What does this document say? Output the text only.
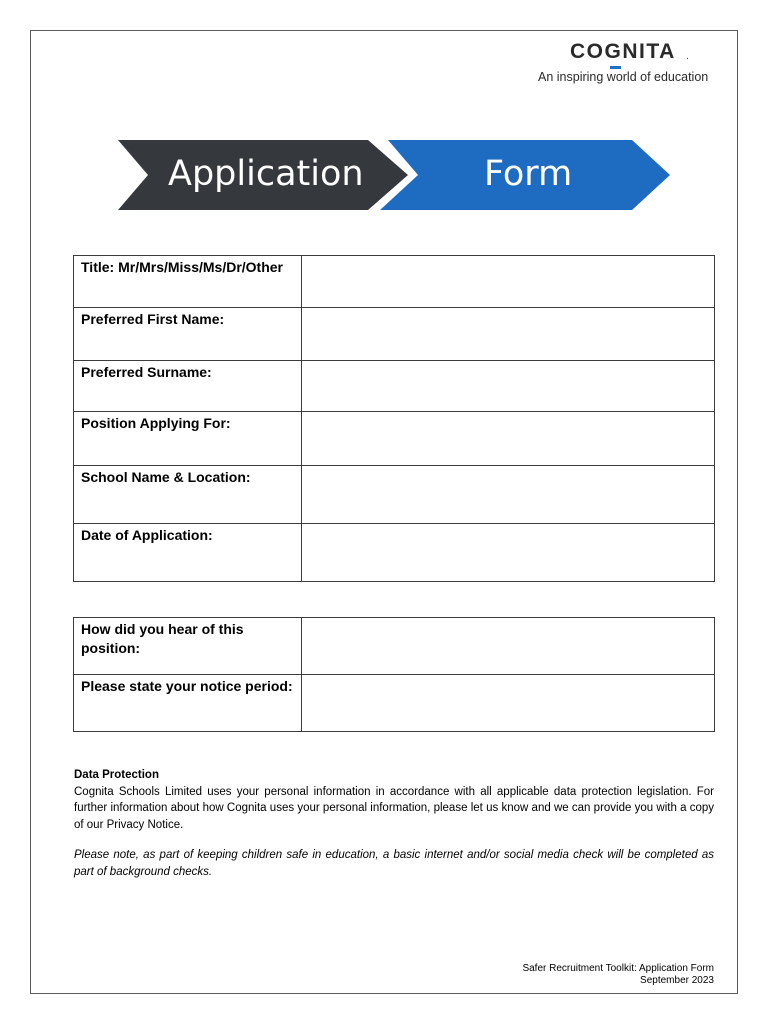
COGNITA .
An inspiring world of education
Application	Form
Title: Mr/Mrs/Miss/Ms/Dr/Other	
Preferred First Name:	
Preferred Surname:	
Position Applying For:	
School Name & Location:	
Date of Application:	
How did you hear of this position:	
Please state your notice period:	
Data Protection
Cognita Schools Limited uses your personal information in accordance with all applicable data protection legislation. For further information about how Cognita uses your personal information, please let us know and we can provide you with a copy of our Privacy Notice.
Please note, as part of keeping children safe in education, a basic internet and/or social media check will be completed as part of background checks.
Safer Recruitment Toolkit: Application Form
September 2023
